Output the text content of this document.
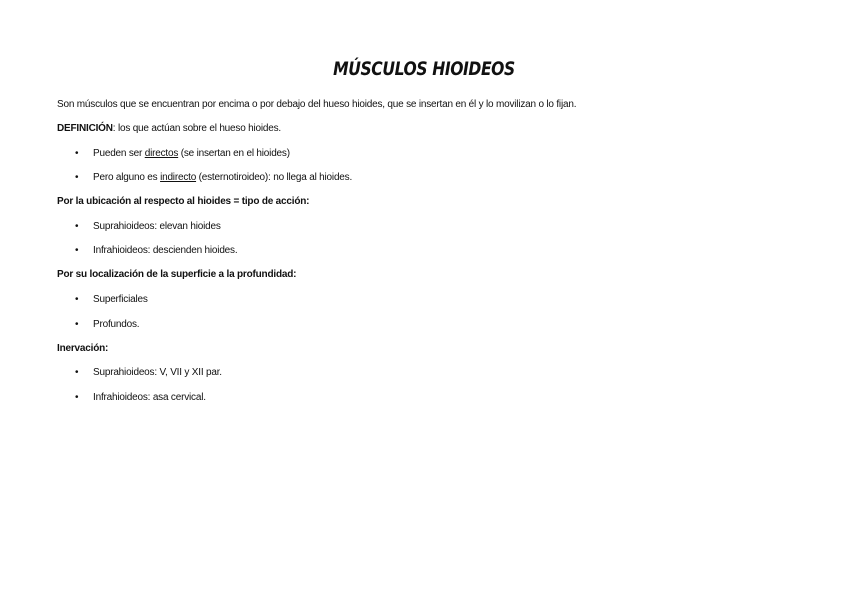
MÚSCULOS HIOIDEOS
Son músculos que se encuentran por encima o por debajo del hueso hioides, que se insertan en él y lo movilizan o lo fijan.
DEFINICIÓN: los que actúan sobre el hueso hioides.
• Pueden ser directos (se insertan en el hioides)
• Pero alguno es indirecto (esternotiroideo): no llega al hioides.
Por la ubicación al respecto al hioides = tipo de acción:
• Suprahioideos: elevan hioides
• Infrahioideos: descienden hioides.
Por su localización de la superficie a la profundidad:
• Superficiales
• Profundos.
Inervación:
• Suprahioideos: V, VII y XII par.
• Infrahioideos: asa cervical.
